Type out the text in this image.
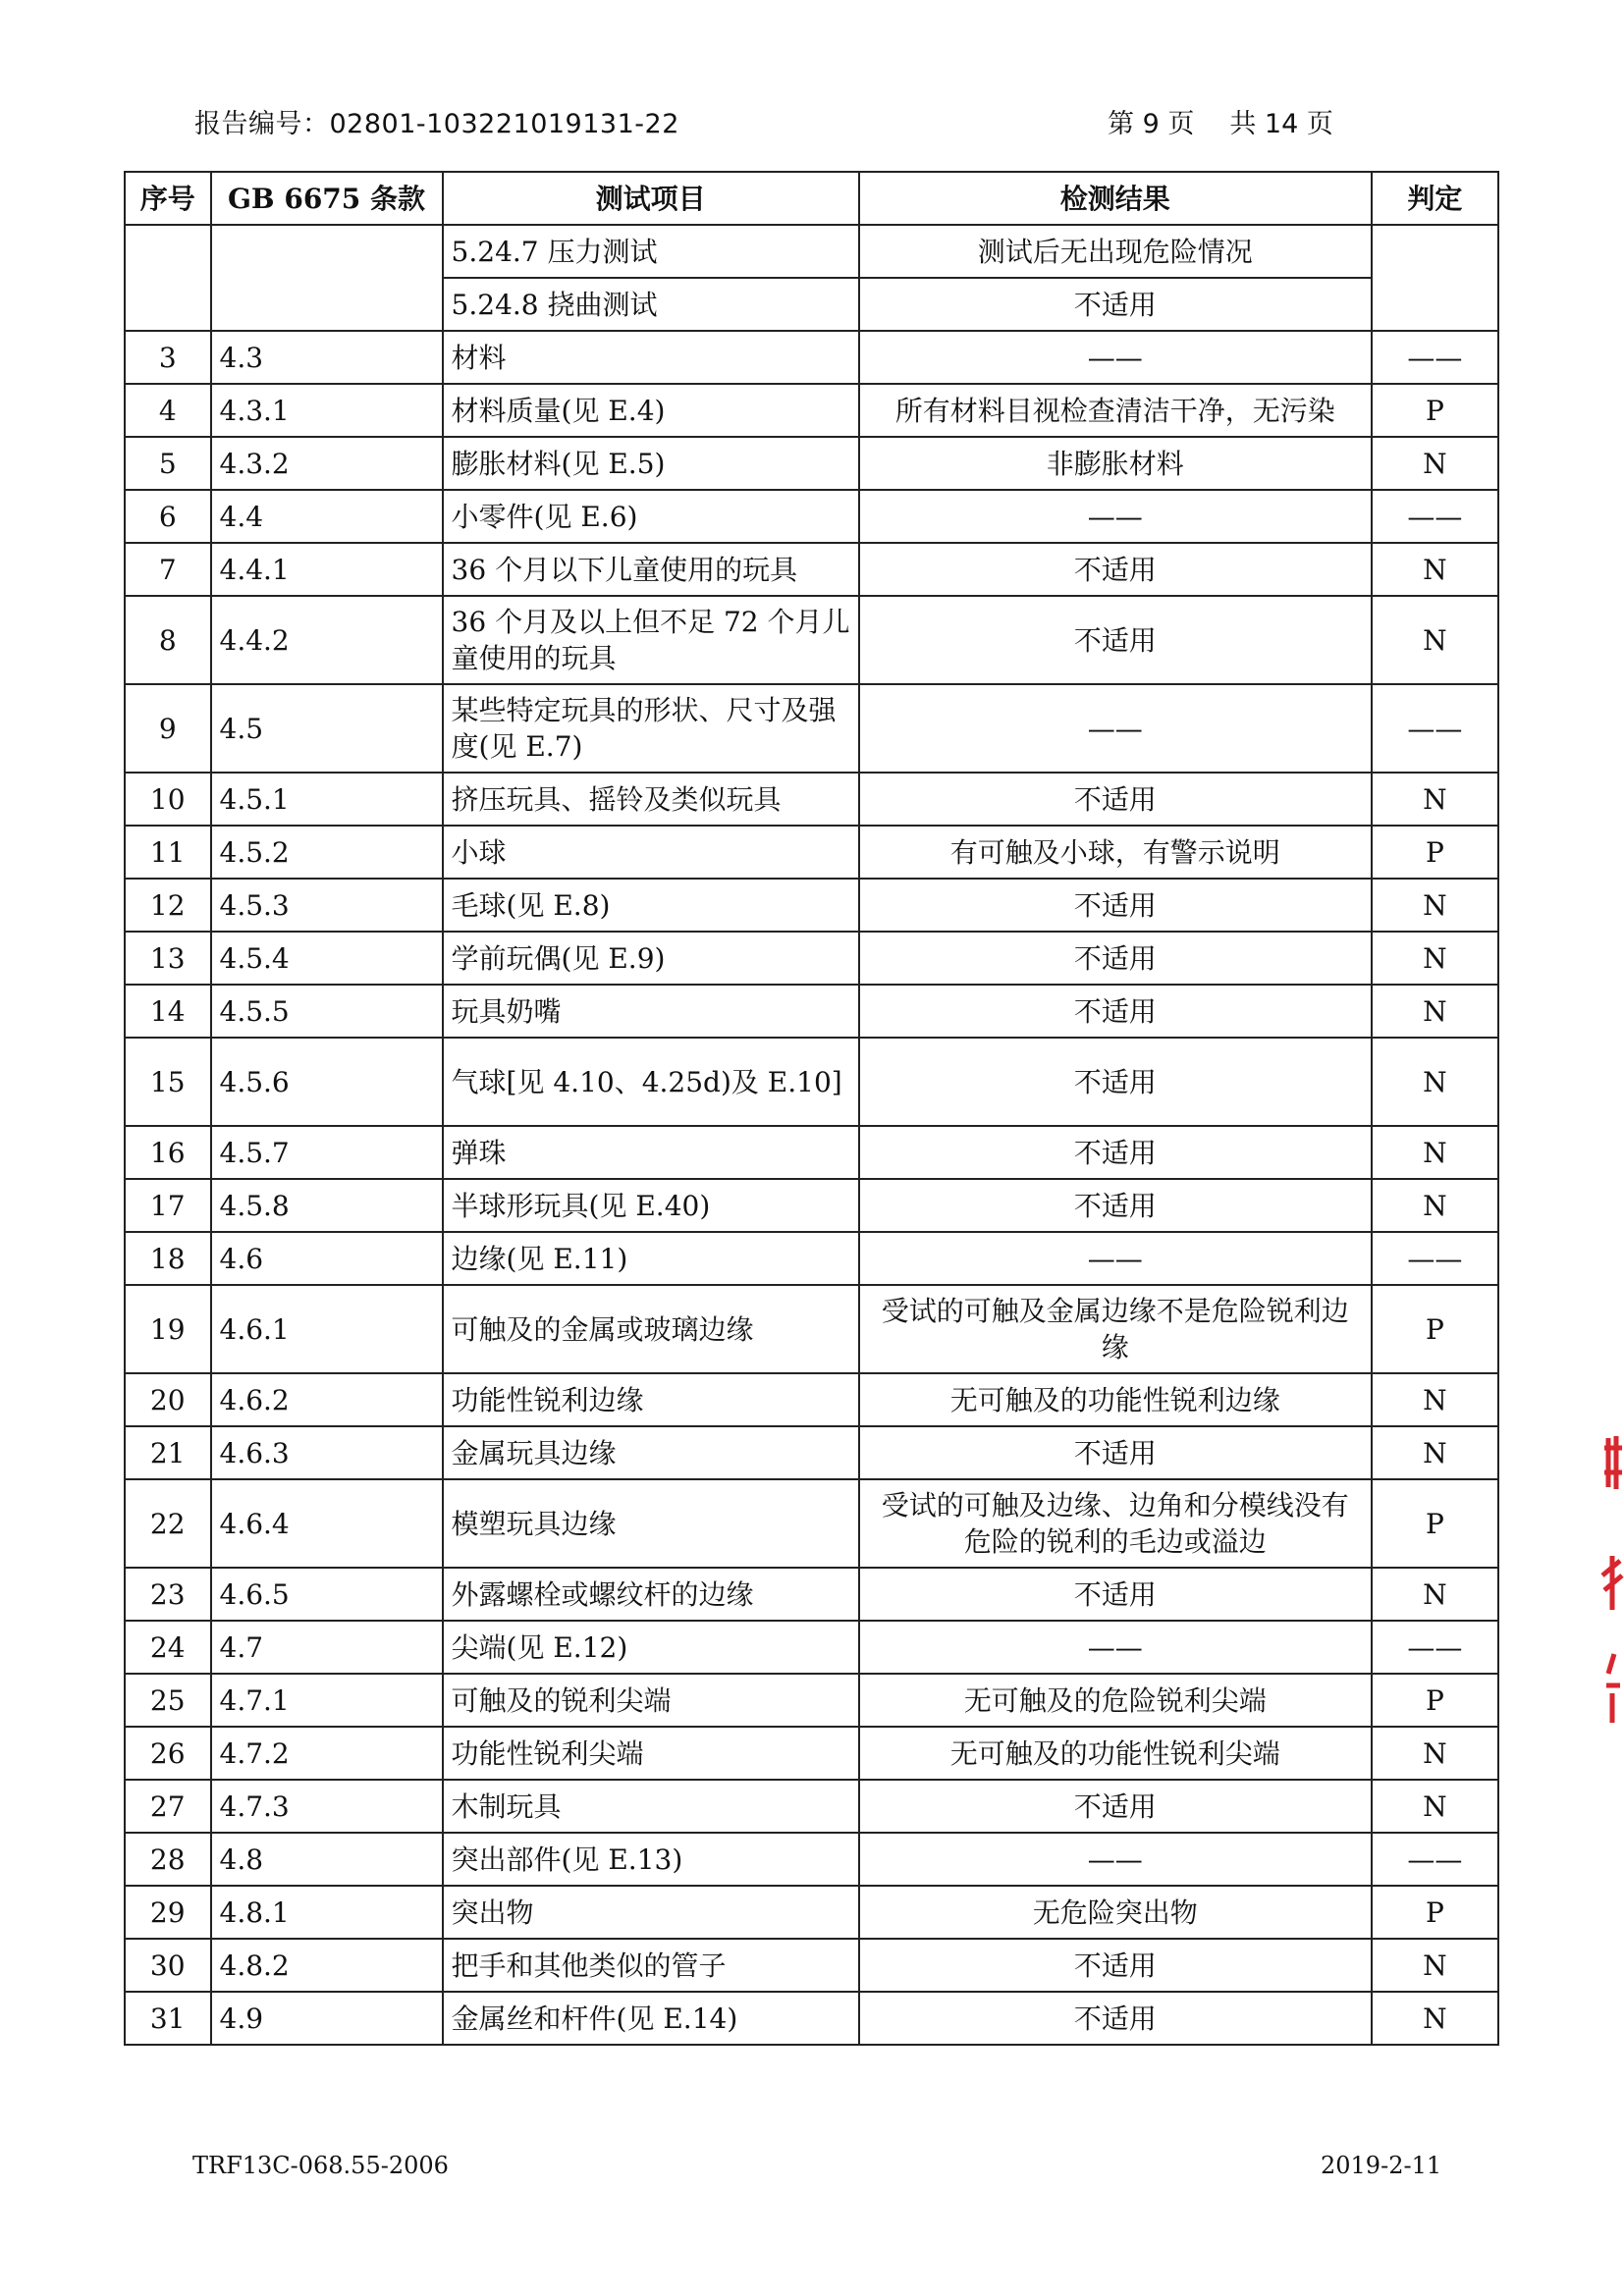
报告编号：02801-103221019131-22	第 9 页 共 14 页
序号	GB 6675 条款	测试项目	检测结果	判定
		5.24.7 压力测试	测试后无出现危险情况	
		5.24.8 挠曲测试	不适用	
3	4.3	材料	——	——
4	4.3.1	材料质量(见 E.4)	所有材料目视检查清洁干净，无污染	P
5	4.3.2	膨胀材料(见 E.5)	非膨胀材料	N
6	4.4	小零件(见 E.6)	——	——
7	4.4.1	36 个月以下儿童使用的玩具	不适用	N
8	4.4.2	36 个月及以上但不足 72 个月儿童使用的玩具	不适用	N
9	4.5	某些特定玩具的形状、尺寸及强度(见 E.7)	——	——
10	4.5.1	挤压玩具、摇铃及类似玩具	不适用	N
11	4.5.2	小球	有可触及小球，有警示说明	P
12	4.5.3	毛球(见 E.8)	不适用	N
13	4.5.4	学前玩偶(见 E.9)	不适用	N
14	4.5.5	玩具奶嘴	不适用	N
15	4.5.6	气球[见 4.10、4.25d)及 E.10]	不适用	N
16	4.5.7	弹珠	不适用	N
17	4.5.8	半球形玩具(见 E.40)	不适用	N
18	4.6	边缘(见 E.11)	——	——
19	4.6.1	可触及的金属或玻璃边缘	受试的可触及金属边缘不是危险锐利边缘	P
20	4.6.2	功能性锐利边缘	无可触及的功能性锐利边缘	N
21	4.6.3	金属玩具边缘	不适用	N
22	4.6.4	模塑玩具边缘	受试的可触及边缘、边角和分模线没有危险的锐利的毛边或溢边	P
23	4.6.5	外露螺栓或螺纹杆的边缘	不适用	N
24	4.7	尖端(见 E.12)	——	——
25	4.7.1	可触及的锐利尖端	无可触及的危险锐利尖端	P
26	4.7.2	功能性锐利尖端	无可触及的功能性锐利尖端	N
27	4.7.3	木制玩具	不适用	N
28	4.8	突出部件(见 E.13)	——	——
29	4.8.1	突出物	无危险突出物	P
30	4.8.2	把手和其他类似的管子	不适用	N
31	4.9	金属丝和杆件(见 E.14)	不适用	N
TRF13C-068.55-2006	2019-2-11
